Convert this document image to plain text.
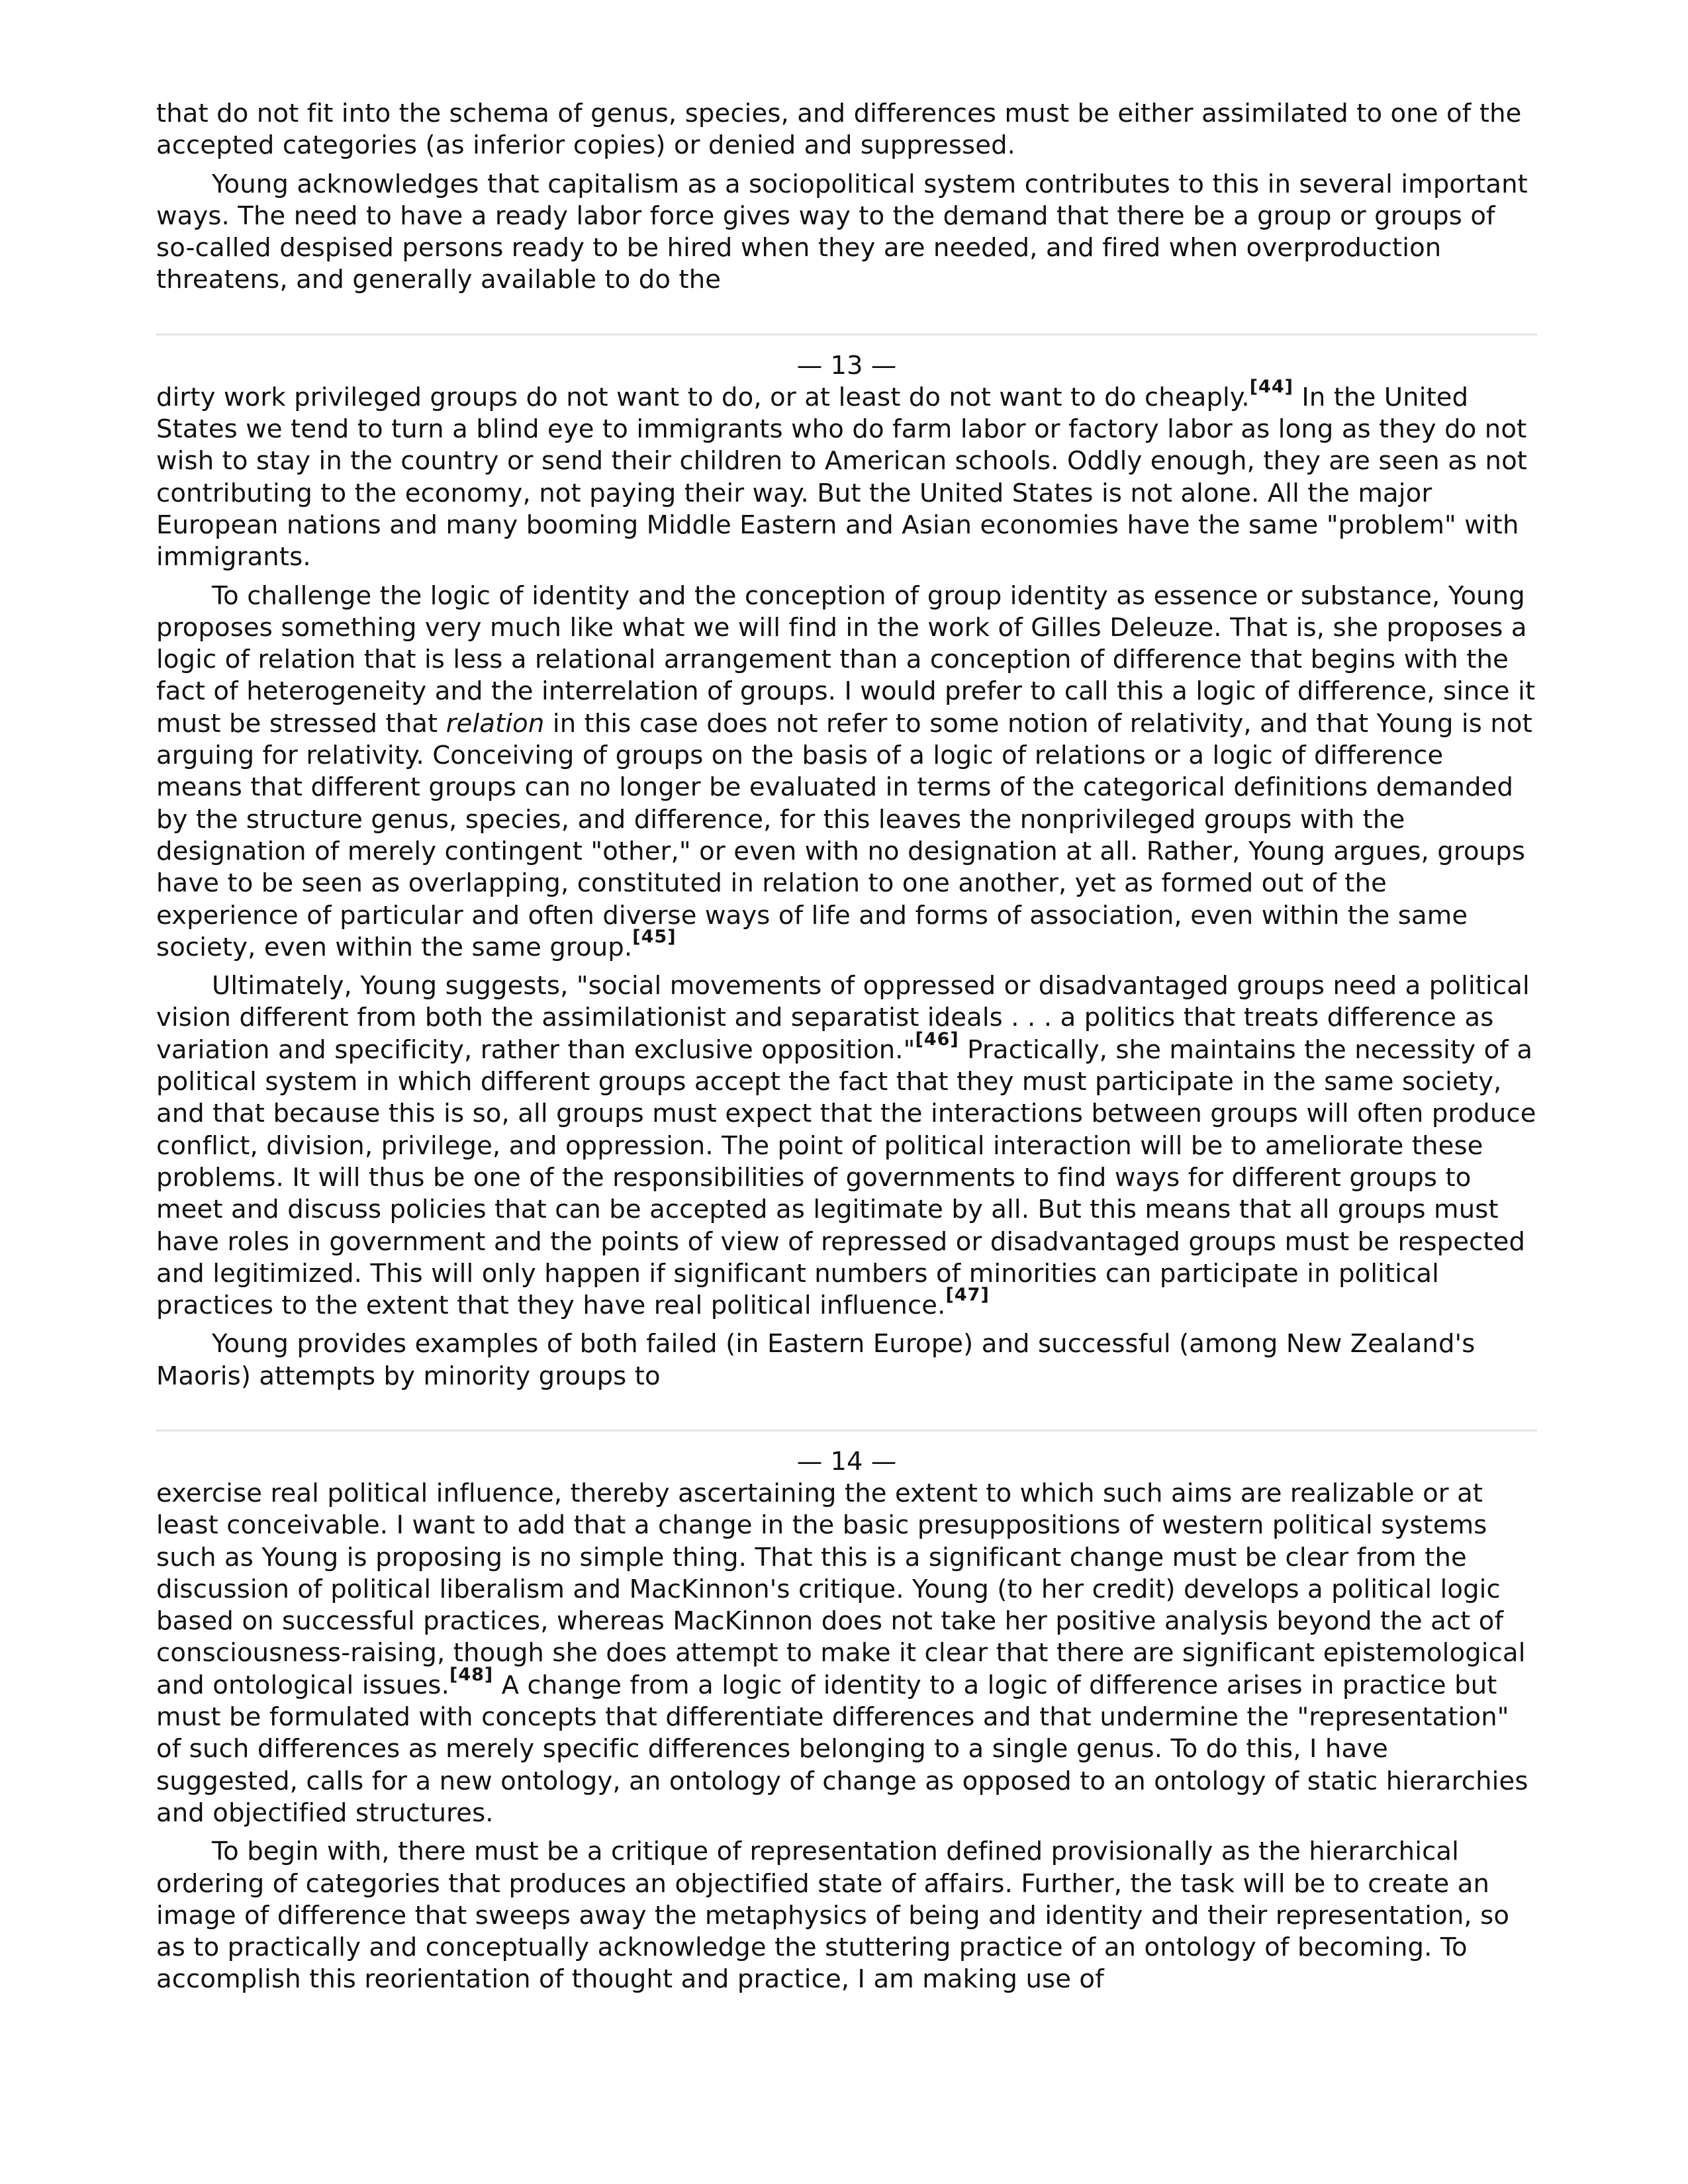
that do not fit into the schema of genus, species, and differences must be either assimilated to one of the accepted categories (as inferior copies) or denied and suppressed.

Young acknowledges that capitalism as a sociopolitical system contributes to this in several important ways. The need to have a ready labor force gives way to the demand that there be a group or groups of so-called despised persons ready to be hired when they are needed, and fired when overproduction threatens, and generally available to do the

— 13 —

dirty work privileged groups do not want to do, or at least do not want to do cheaply.[44] In the United States we tend to turn a blind eye to immigrants who do farm labor or factory labor as long as they do not wish to stay in the country or send their children to American schools. Oddly enough, they are seen as not contributing to the economy, not paying their way. But the United States is not alone. All the major European nations and many booming Middle Eastern and Asian economies have the same "problem" with immigrants.

To challenge the logic of identity and the conception of group identity as essence or substance, Young proposes something very much like what we will find in the work of Gilles Deleuze. That is, she proposes a logic of relation that is less a relational arrangement than a conception of difference that begins with the fact of heterogeneity and the interrelation of groups. I would prefer to call this a logic of difference, since it must be stressed that relation in this case does not refer to some notion of relativity, and that Young is not arguing for relativity. Conceiving of groups on the basis of a logic of relations or a logic of difference means that different groups can no longer be evaluated in terms of the categorical definitions demanded by the structure genus, species, and difference, for this leaves the nonprivileged groups with the designation of merely contingent "other," or even with no designation at all. Rather, Young argues, groups have to be seen as overlapping, constituted in relation to one another, yet as formed out of the experience of particular and often diverse ways of life and forms of association, even within the same society, even within the same group.[45]

Ultimately, Young suggests, "social movements of oppressed or disadvantaged groups need a political vision different from both the assimilationist and separatist ideals . . . a politics that treats difference as variation and specificity, rather than exclusive opposition."[46] Practically, she maintains the necessity of a political system in which different groups accept the fact that they must participate in the same society, and that because this is so, all groups must expect that the interactions between groups will often produce conflict, division, privilege, and oppression. The point of political interaction will be to ameliorate these problems. It will thus be one of the responsibilities of governments to find ways for different groups to meet and discuss policies that can be accepted as legitimate by all. But this means that all groups must have roles in government and the points of view of repressed or disadvantaged groups must be respected and legitimized. This will only happen if significant numbers of minorities can participate in political practices to the extent that they have real political influence.[47]

Young provides examples of both failed (in Eastern Europe) and successful (among New Zealand's Maoris) attempts by minority groups to

— 14 —

exercise real political influence, thereby ascertaining the extent to which such aims are realizable or at least conceivable. I want to add that a change in the basic presuppositions of western political systems such as Young is proposing is no simple thing. That this is a significant change must be clear from the discussion of political liberalism and MacKinnon's critique. Young (to her credit) develops a political logic based on successful practices, whereas MacKinnon does not take her positive analysis beyond the act of consciousness-raising, though she does attempt to make it clear that there are significant epistemological and ontological issues.[48] A change from a logic of identity to a logic of difference arises in practice but must be formulated with concepts that differentiate differences and that undermine the "representation" of such differences as merely specific differences belonging to a single genus. To do this, I have suggested, calls for a new ontology, an ontology of change as opposed to an ontology of static hierarchies and objectified structures.

To begin with, there must be a critique of representation defined provisionally as the hierarchical ordering of categories that produces an objectified state of affairs. Further, the task will be to create an image of difference that sweeps away the metaphysics of being and identity and their representation, so as to practically and conceptually acknowledge the stuttering practice of an ontology of becoming. To accomplish this reorientation of thought and practice, I am making use of
